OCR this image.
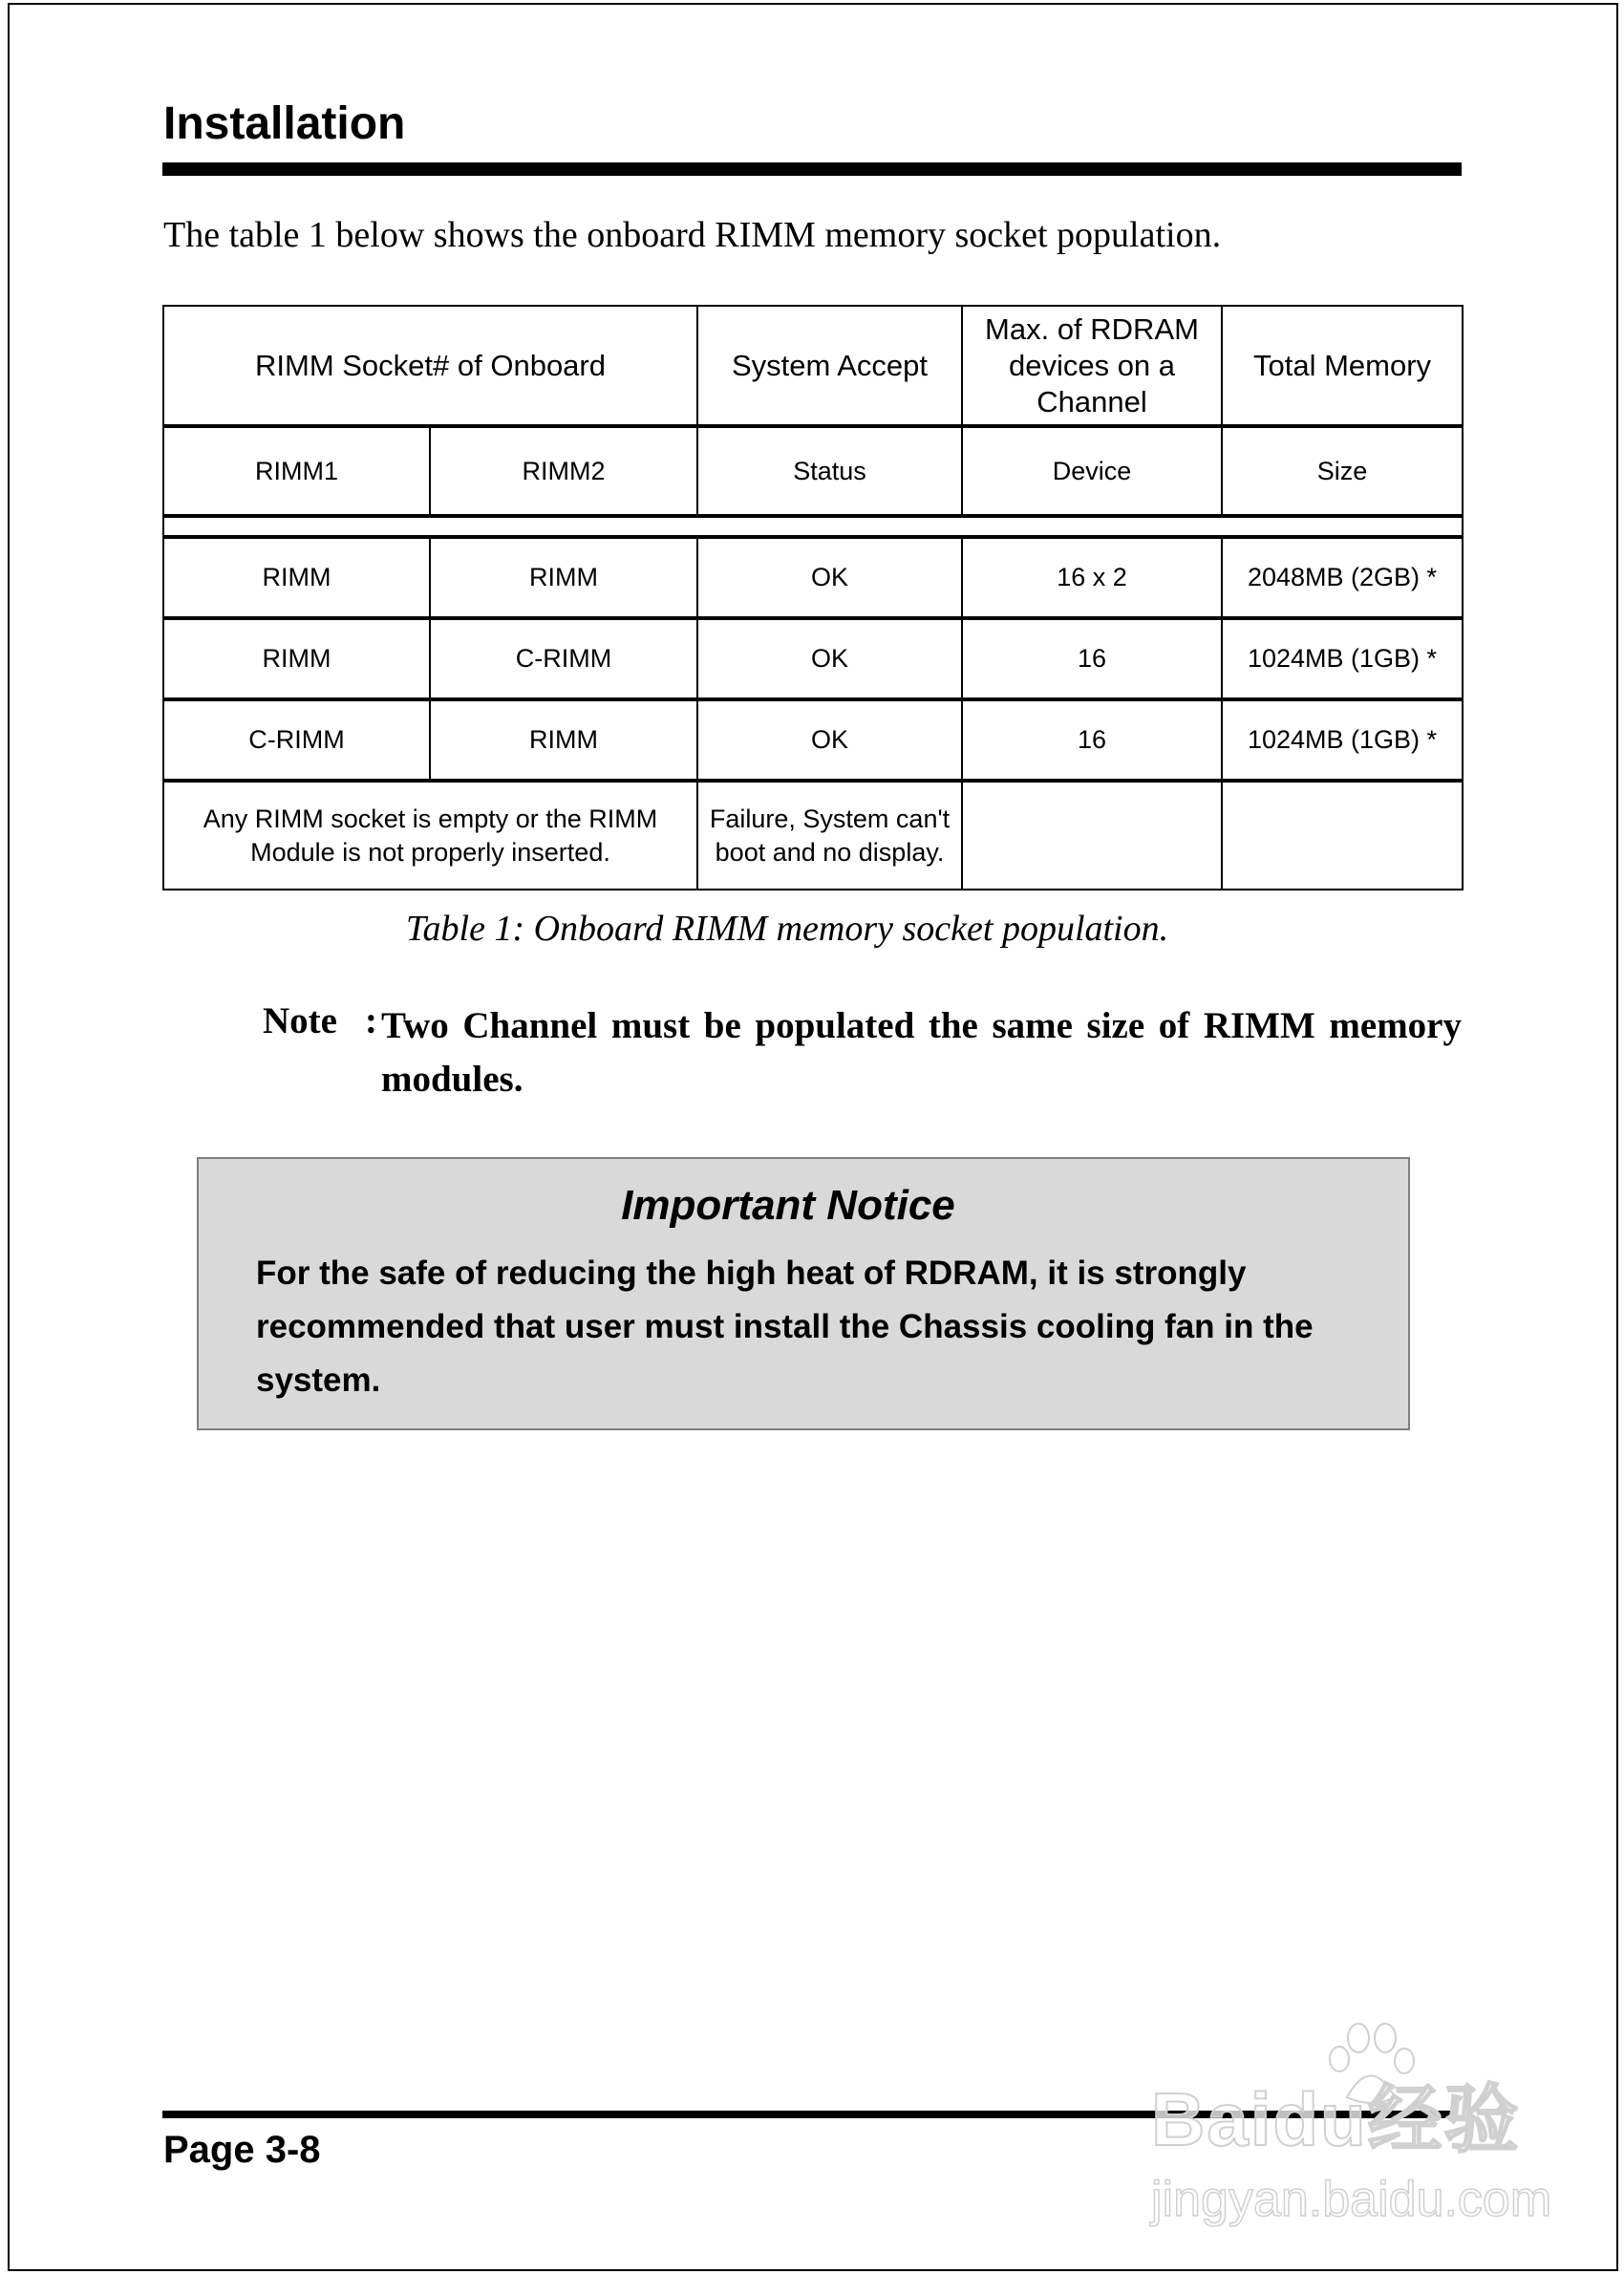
Installation
The table 1 below shows the onboard RIMM memory socket population.
RIMM Socket# of Onboard		System Accept	Max. of RDRAM devices on a Channel	Total Memory
RIMM1	RIMM2	Status	Device	Size

RIMM	RIMM	OK	16 x 2	2048MB (2GB) *
RIMM	C-RIMM	OK	16	1024MB (1GB) *
C-RIMM	RIMM	OK	16	1024MB (1GB) *
Any RIMM socket is empty or the RIMM Module is not properly inserted.		Failure, System can't boot and no display.		
Table 1: Onboard RIMM memory socket population.
Note : Two Channel must be populated the same size of RIMM memory modules.
Important Notice
For the safe of reducing the high heat of RDRAM, it is strongly recommended that user must install the Chassis cooling fan in the system.
Page 3-8	Baidu经验
jingyan.baidu.com
